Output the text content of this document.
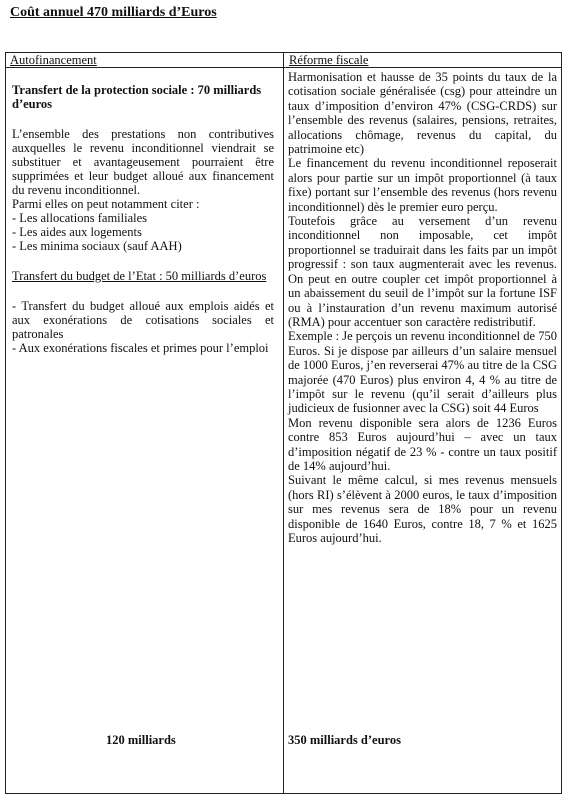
Coût annuel 470 milliards d’Euros
Autofinancement	Réforme fiscale

Transfert de la protection sociale : 70 milliards d’euros

L’ensemble des prestations non contributives auxquelles le revenu inconditionnel viendrait se substituer et avantageusement pourraient être supprimées et leur budget alloué aux financement du revenu inconditionnel.

Parmi elles on peut notamment citer :

- Les allocations familiales

- Les aides aux logements

- Les minima sociaux (sauf AAH)

Transfert du budget de l’Etat : 50 milliards d’euros

- Transfert du budget alloué aux emplois aidés et aux exonérations de cotisations sociales et patronales

- Aux exonérations fiscales et primes pour l’emploi

Harmonisation et hausse de 35 points du taux de la cotisation sociale généralisée (csg) pour atteindre un taux d’imposition d’environ 47% (CSG-CRDS) sur l’ensemble des revenus (salaires, pensions, retraites, allocations chômage, revenus du capital, du patrimoine etc)

Le financement du revenu inconditionnel reposerait alors pour partie sur un impôt proportionnel (à taux fixe) portant sur l’ensemble des revenus (hors revenu inconditionnel) dès le premier euro perçu.

Toutefois grâce au versement d’un revenu inconditionnel non imposable, cet impôt proportionnel se traduirait dans les faits par un impôt progressif : son taux augmenterait avec les revenus. On peut en outre coupler cet impôt proportionnel à un abaissement du seuil de l’impôt sur la fortune ISF ou à l’instauration d’un revenu maximum autorisé (RMA) pour accentuer son caractère redistributif.

Exemple : Je perçois un revenu inconditionnel de 750 Euros. Si je dispose par ailleurs d’un salaire mensuel de 1000 Euros, j’en reverserai 47% au titre de la CSG majorée (470 Euros) plus environ 4, 4 % au titre de l’impôt sur le revenu (qu’il serait d’ailleurs plus judicieux de fusionner avec la CSG) soit 44 Euros

Mon revenu disponible sera alors de 1236 Euros contre 853 Euros aujourd’hui – avec un taux d’imposition négatif de 23 % - contre un taux positif de 14% aujourd’hui.

Suivant le même calcul, si mes revenus mensuels (hors RI) s’élèvent à 2000 euros, le taux d’imposition sur mes revenus sera de 18% pour un revenu disponible de 1640 Euros, contre 18, 7 % et 1625 Euros aujourd’hui.

120 milliards	350 milliards d’euros
